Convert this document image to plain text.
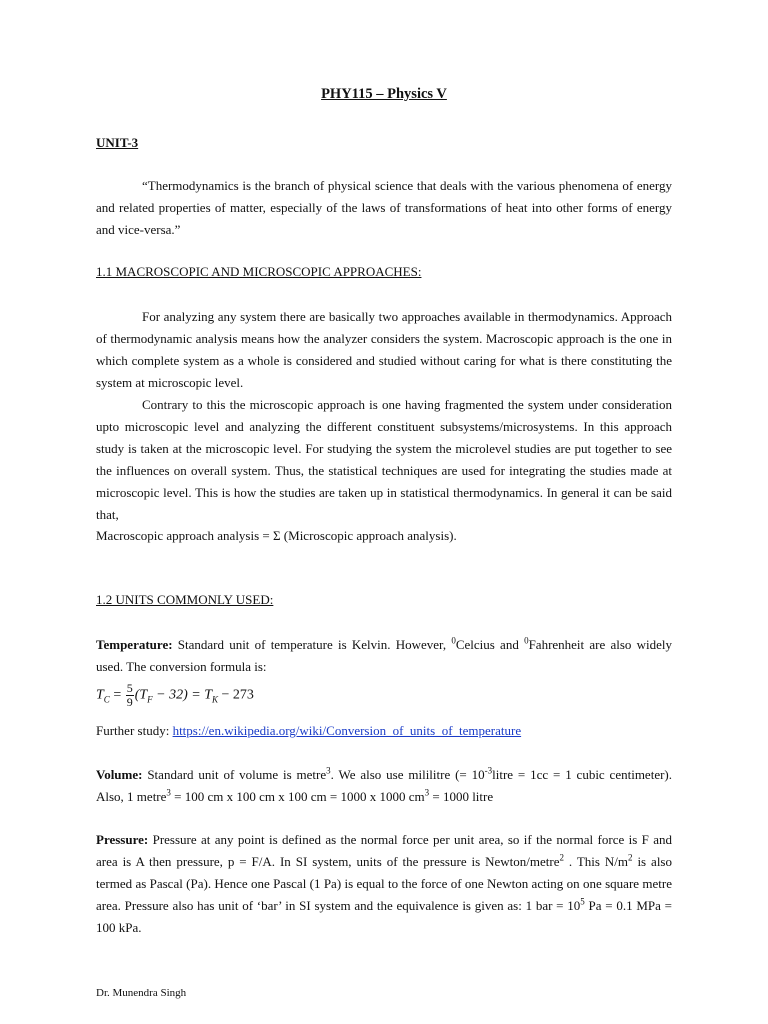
PHY115 – Physics V
UNIT-3
“Thermodynamics is the branch of physical science that deals with the various phenomena of energy and related properties of matter, especially of the laws of transformations of heat into other forms of energy and vice-versa.”
1.1 MACROSCOPIC AND MICROSCOPIC APPROACHES:
For analyzing any system there are basically two approaches available in thermodynamics. Approach of thermodynamic analysis means how the analyzer considers the system. Macroscopic approach is the one in which complete system as a whole is considered and studied without caring for what is there constituting the system at microscopic level.
Contrary to this the microscopic approach is one having fragmented the system under consideration upto microscopic level and analyzing the different constituent subsystems/microsystems. In this approach study is taken at the microscopic level. For studying the system the microlevel studies are put together to see the influences on overall system. Thus, the statistical techniques are used for integrating the studies made at microscopic level. This is how the studies are taken up in statistical thermodynamics. In general it can be said that,
Macroscopic approach analysis = Σ (Microscopic approach analysis).
1.2 UNITS COMMONLY USED:
Temperature: Standard unit of temperature is Kelvin. However, $^0$Celcius and $^0$Fahrenheit are also widely used. The conversion formula is:
$T_C = \frac{5}{9} (T_F - 32) = T_K - 273$
Further study: https://en.wikipedia.org/wiki/Conversion_of_units_of_temperature
Volume: Standard unit of volume is metre$^3$. We also use mililitre (= $10^{-3}litre = 1cc = 1$ cubic centimeter). Also, 1 metre$^3$ = 100 cm x 100 cm x 100 cm = 1000 x 1000 $cm^3 = 1000$ litre
Pressure: Pressure at any point is defined as the normal force per unit area, so if the normal force is F and area is A then pressure, p = F/A. In SI system, units of the pressure is Newton/metre$^2$ . This $N/m^2$ is also termed as Pascal (Pa). Hence one Pascal (1 Pa) is equal to the force of one Newton acting on one square metre area. Pressure also has unit of ‘bar’ in SI system and the equivalence is given as: 1 bar = $10^5$ Pa = 0.1 MPa = 100 kPa.
Dr. Munendra Singh
